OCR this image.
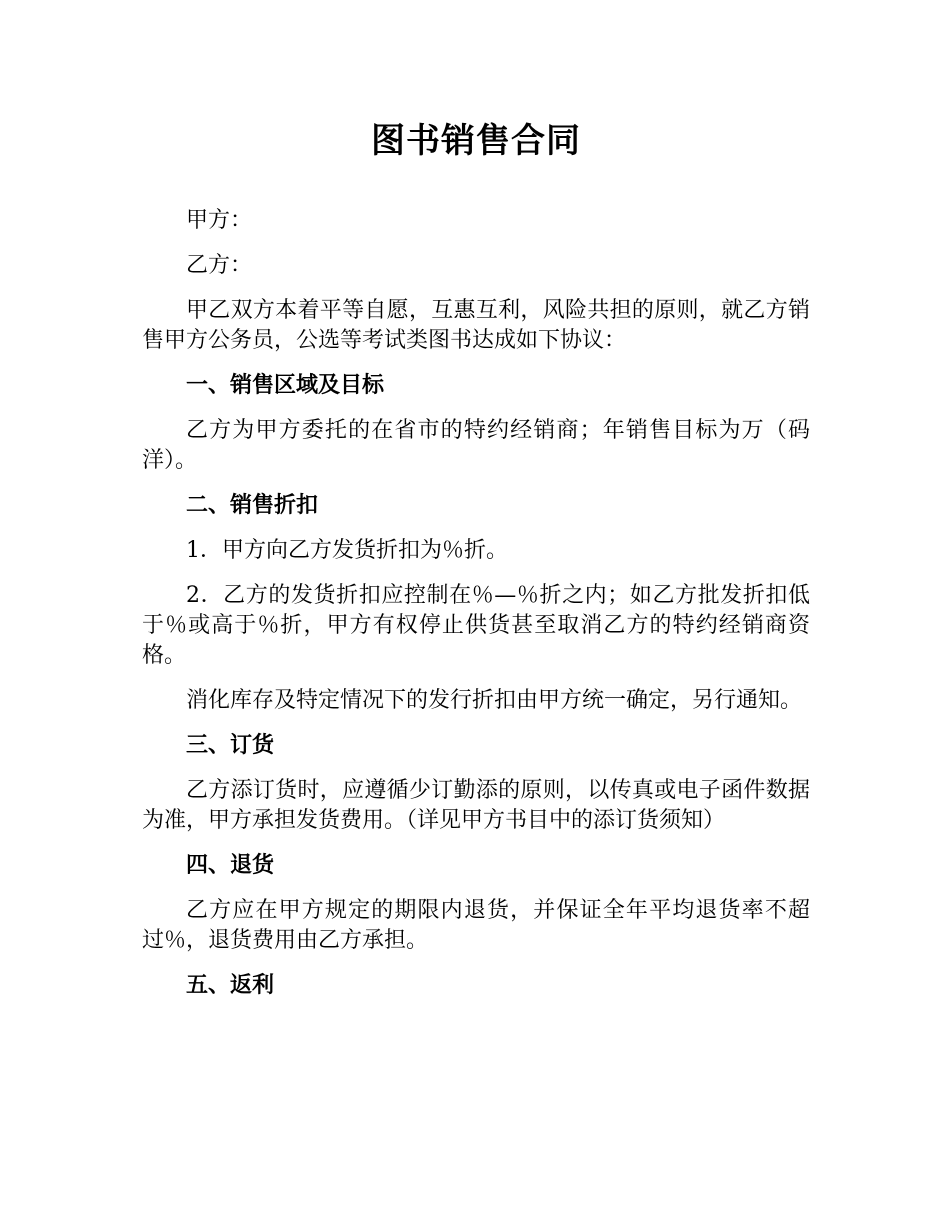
图书销售合同

甲方：

乙方：

甲乙双方本着平等自愿，互惠互利，风险共担的原则，就乙方销售甲方公务员，公选等考试类图书达成如下协议：

一、销售区域及目标

乙方为甲方委托的在省市的特约经销商；年销售目标为万（码洋）。

二、销售折扣

1．甲方向乙方发货折扣为％折。

2．乙方的发货折扣应控制在％—％折之内；如乙方批发折扣低于％或高于％折，甲方有权停止供货甚至取消乙方的特约经销商资格。

消化库存及特定情况下的发行折扣由甲方统一确定，另行通知。

三、订货

乙方添订货时，应遵循少订勤添的原则，以传真或电子函件数据为准，甲方承担发货费用。（详见甲方书目中的添订货须知）

四、退货

乙方应在甲方规定的期限内退货，并保证全年平均退货率不超过％，退货费用由乙方承担。

五、返利
